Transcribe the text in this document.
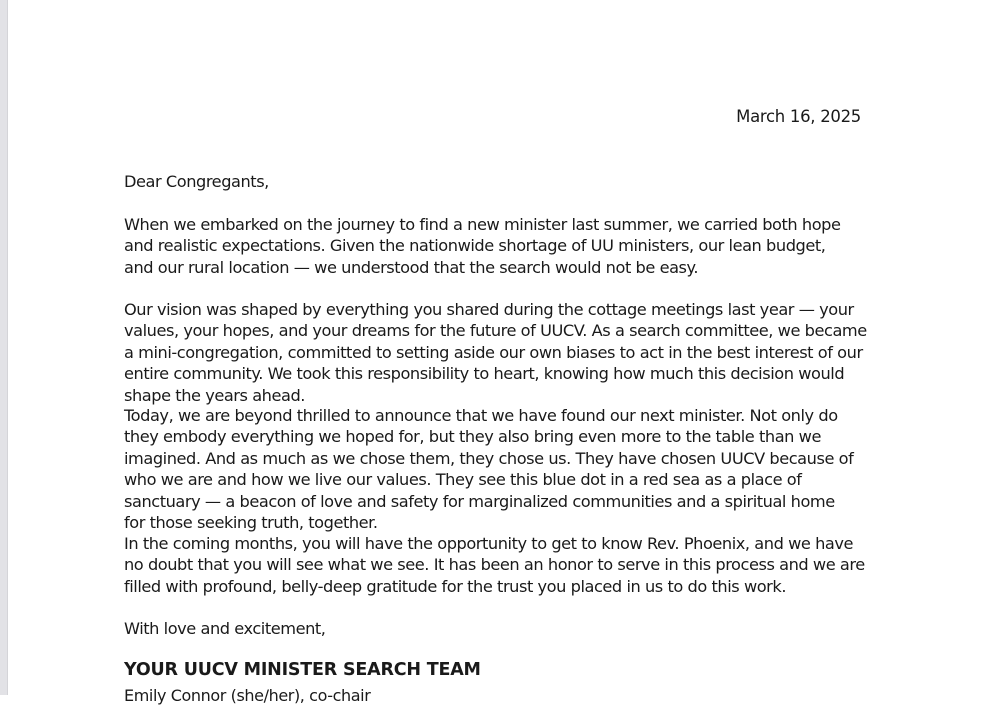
March 16, 2025
Dear Congregants,
When we embarked on the journey to find a new minister last summer, we carried both hope and realistic expectations. Given the nationwide shortage of UU ministers, our lean budget, and our rural location — we understood that the search would not be easy.
Our vision was shaped by everything you shared during the cottage meetings last year — your values, your hopes, and your dreams for the future of UUCV. As a search committee, we became a mini-congregation, committed to setting aside our own biases to act in the best interest of our entire community. We took this responsibility to heart, knowing how much this decision would shape the years ahead.
Today, we are beyond thrilled to announce that we have found our next minister. Not only do they embody everything we hoped for, but they also bring even more to the table than we imagined. And as much as we chose them, they chose us. They have chosen UUCV because of who we are and how we live our values. They see this blue dot in a red sea as a place of sanctuary — a beacon of love and safety for marginalized communities and a spiritual home for those seeking truth, together.
In the coming months, you will have the opportunity to get to know Rev. Phoenix, and we have no doubt that you will see what we see. It has been an honor to serve in this process and we are filled with profound, belly-deep gratitude for the trust you placed in us to do this work.
With love and excitement,
YOUR UUCV MINISTER SEARCH TEAM
Emily Connor (she/her), co-chair
